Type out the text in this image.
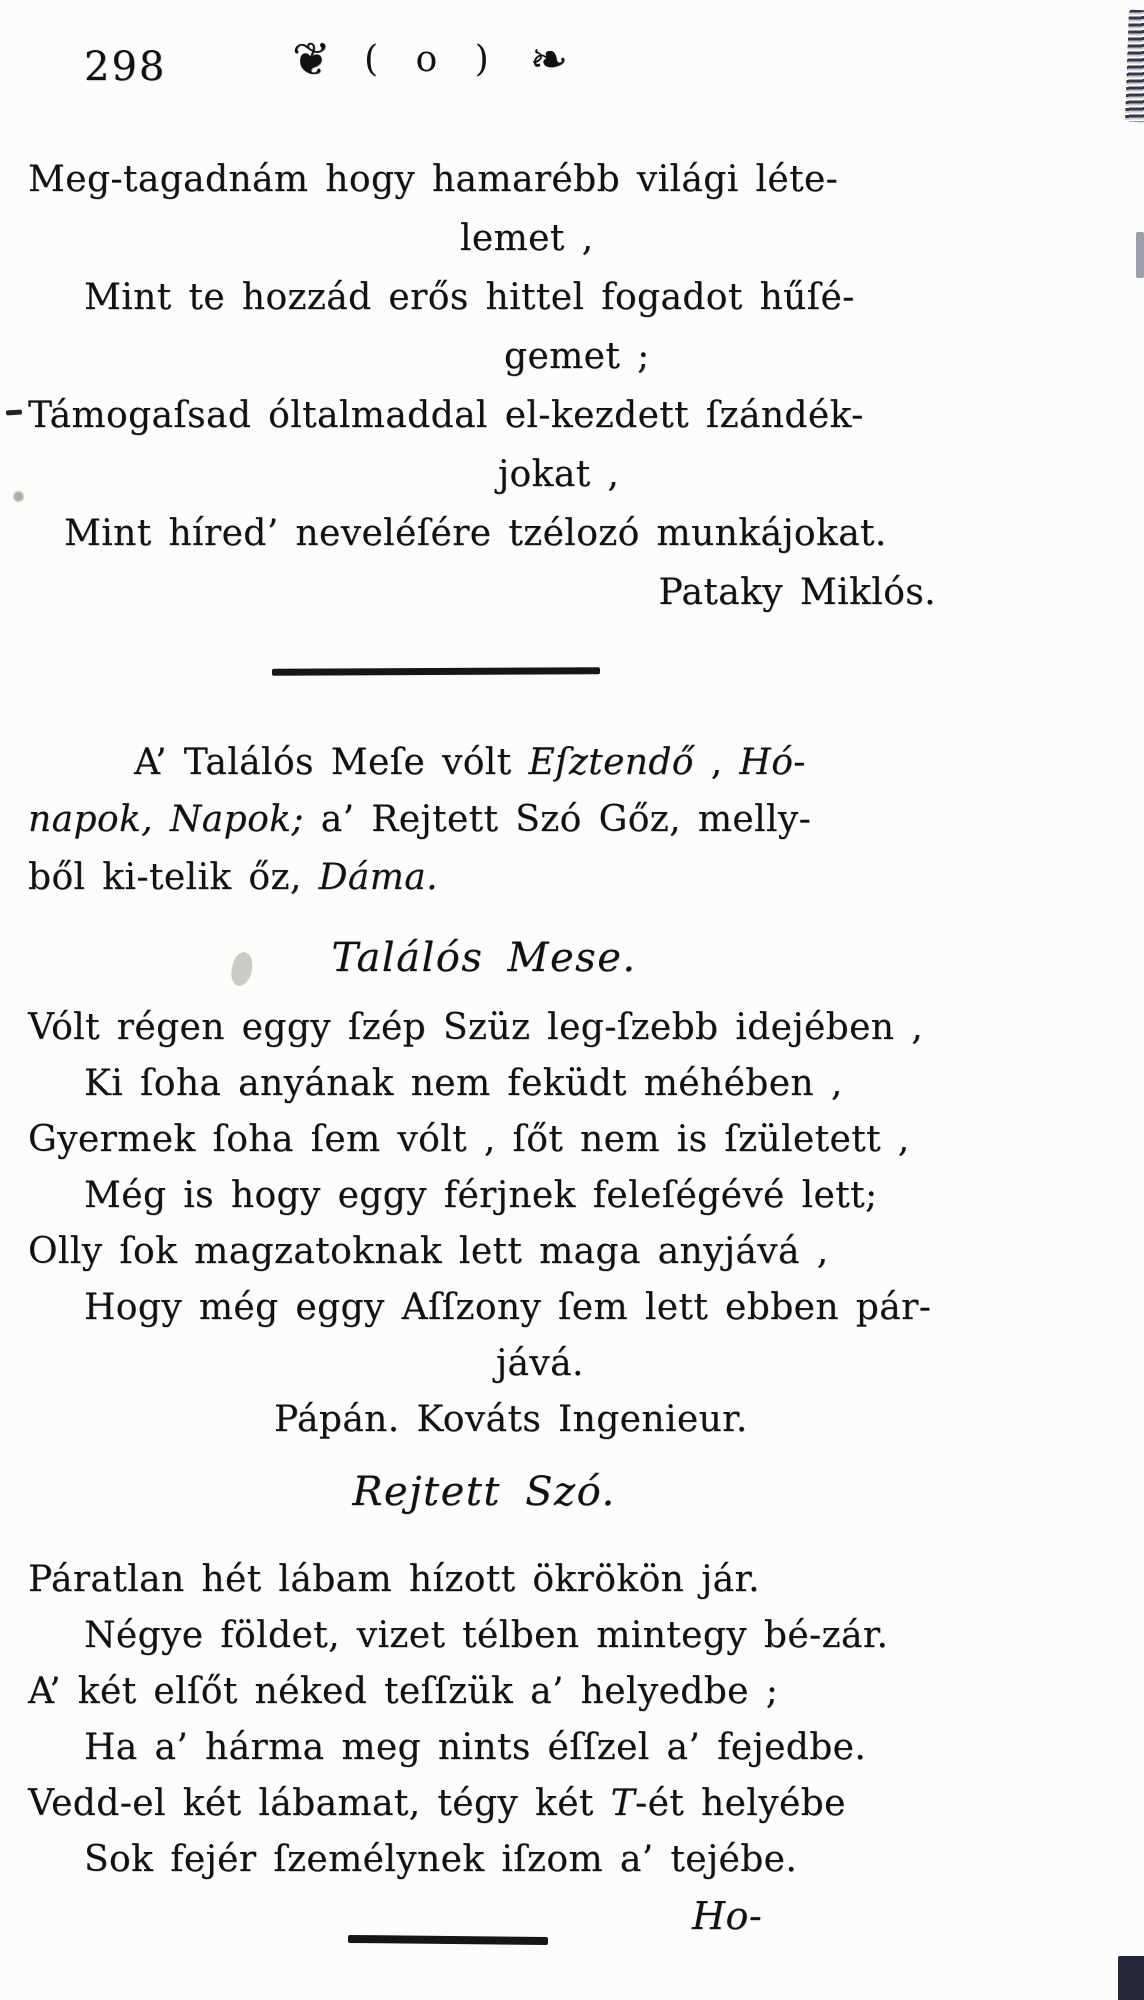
298	❦ ( o ) ❧
Meg-tagadnám hogy hamarébb világi léte-
lemet ,
Mint te hozzád erős hittel fogadot hűſé-
gemet ;
Támogaſsad óltalmaddal el-kezdett ſzándék-
jokat ,
Mint híred’ neveléſére tzélozó munkájokat.
Pataky Miklós.
A’ Találós Meſe vólt Eſztendő , Hó-
napok, Napok; a’ Rejtett Szó Gőz, melly-
ből ki-telik őz, Dáma.
Találós Mese.
Vólt régen eggy ſzép Szüz leg-ſzebb idejében ,
Ki ſoha anyának nem feküdt méhében ,
Gyermek ſoha ſem vólt , ſőt nem is ſzületett ,
Még is hogy eggy férjnek feleſégévé lett;
Olly ſok magzatoknak lett maga anyjává ,
Hogy még eggy Aſſzony ſem lett ebben pár-
jává.
Pápán. Kováts Ingenieur.
Rejtett Szó.
Páratlan hét lábam hízott ökrökön jár.
Négye földet, vizet télben mintegy bé-zár.
A’ két elſőt néked teſſzük a’ helyedbe ;
Ha a’ hárma meg nints éſſzel a’ fejedbe.
Vedd-el két lábamat, tégy két T-ét helyébe
Sok fejér ſzemélynek iſzom a’ tejébe.
Ho-
